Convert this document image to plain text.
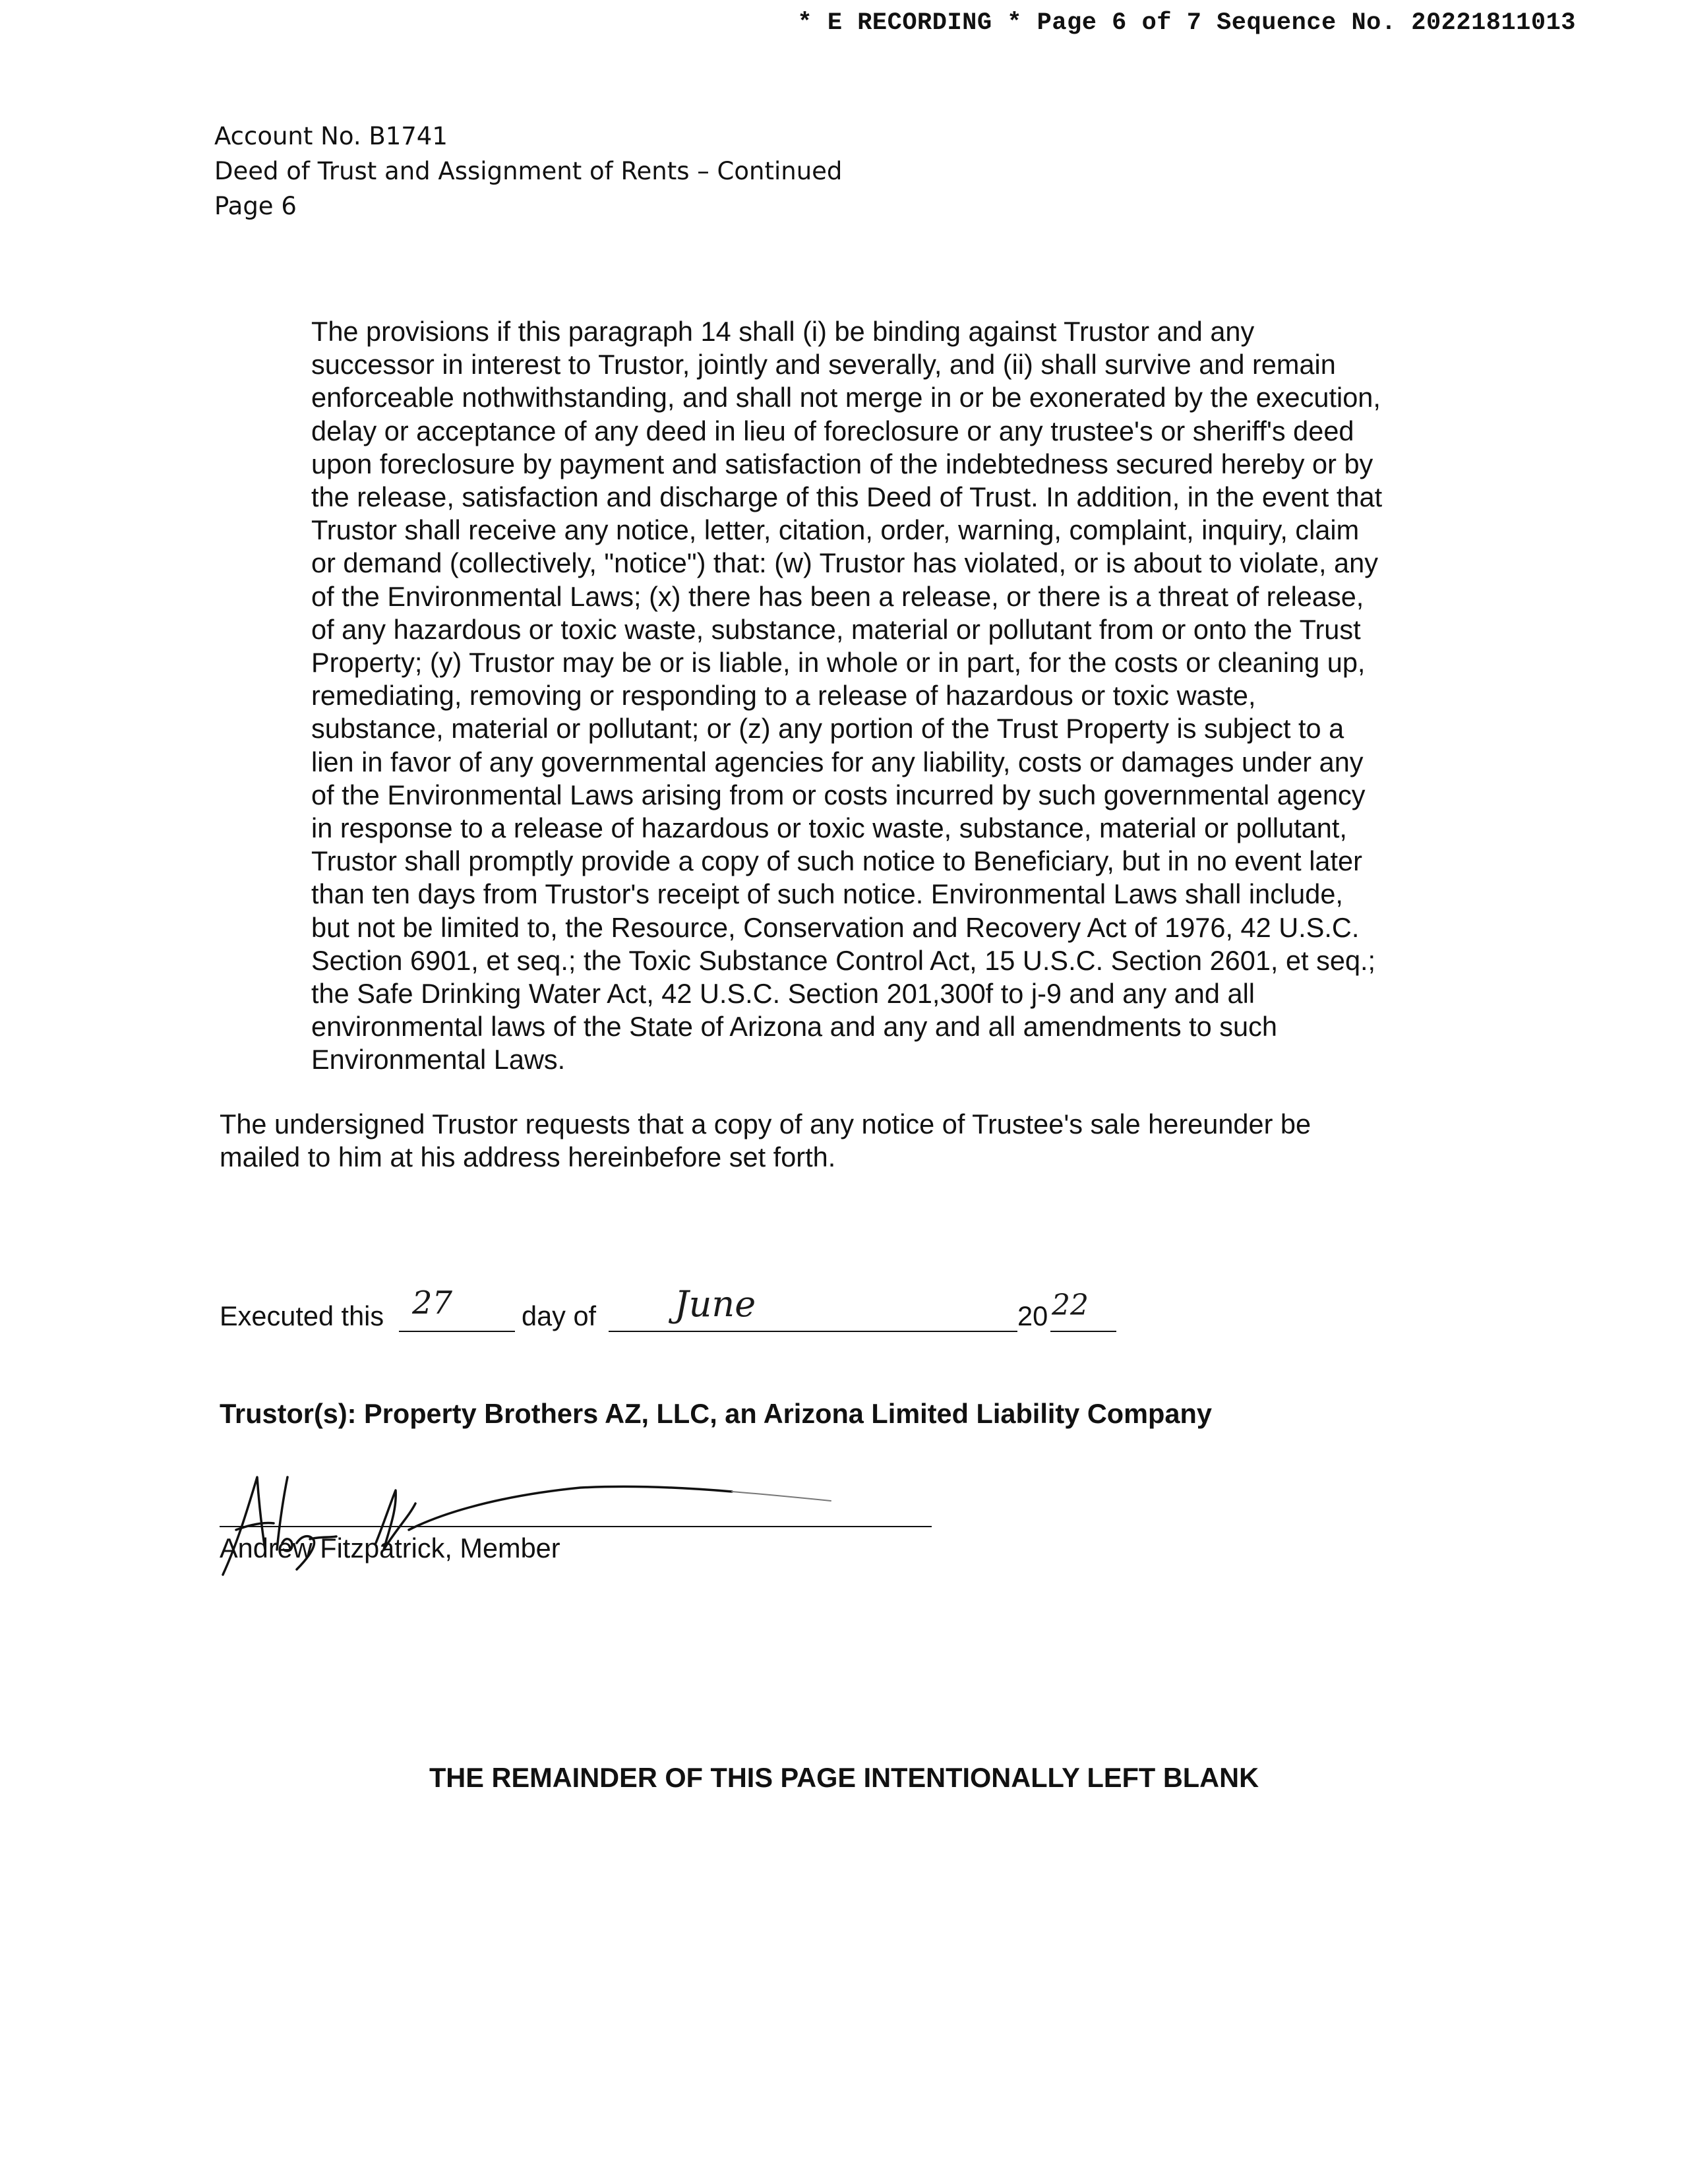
* E RECORDING * Page 6 of 7 Sequence No. 20221811013
Account No. B1741
Deed of Trust and Assignment of Rents – Continued
Page 6
The provisions if this paragraph 14 shall (i) be binding against Trustor and any
successor in interest to Trustor, jointly and severally, and (ii) shall survive and remain
enforceable nothwithstanding, and shall not merge in or be exonerated by the execution,
delay or acceptance of any deed in lieu of foreclosure or any trustee's or sheriff's deed
upon foreclosure by payment and satisfaction of the indebtedness secured hereby or by
the release, satisfaction and discharge of this Deed of Trust. In addition, in the event that
Trustor shall receive any notice, letter, citation, order, warning, complaint, inquiry, claim
or demand (collectively, "notice") that: (w) Trustor has violated, or is about to violate, any
of the Environmental Laws; (x) there has been a release, or there is a threat of release,
of any hazardous or toxic waste, substance, material or pollutant from or onto the Trust
Property; (y) Trustor may be or is liable, in whole or in part, for the costs or cleaning up,
remediating, removing or responding to a release of hazardous or toxic waste,
substance, material or pollutant; or (z) any portion of the Trust Property is subject to a
lien in favor of any governmental agencies for any liability, costs or damages under any
of the Environmental Laws arising from or costs incurred by such governmental agency
in response to a release of hazardous or toxic waste, substance, material or pollutant,
Trustor shall promptly provide a copy of such notice to Beneficiary, but in no event later
than ten days from Trustor's receipt of such notice. Environmental Laws shall include,
but not be limited to, the Resource, Conservation and Recovery Act of 1976, 42 U.S.C.
Section 6901, et seq.; the Toxic Substance Control Act, 15 U.S.C. Section 2601, et seq.;
the Safe Drinking Water Act, 42 U.S.C. Section 201,300f to j-9 and any and all
environmental laws of the State of Arizona and any and all amendments to such
Environmental Laws.
The undersigned Trustor requests that a copy of any notice of Trustee's sale hereunder be
mailed to him at his address hereinbefore set forth.
Executed this 27	day of June	20 22
Trustor(s): Property Brothers AZ, LLC, an Arizona Limited Liability Company
Andrew Fitzpatrick, Member
THE REMAINDER OF THIS PAGE INTENTIONALLY LEFT BLANK
